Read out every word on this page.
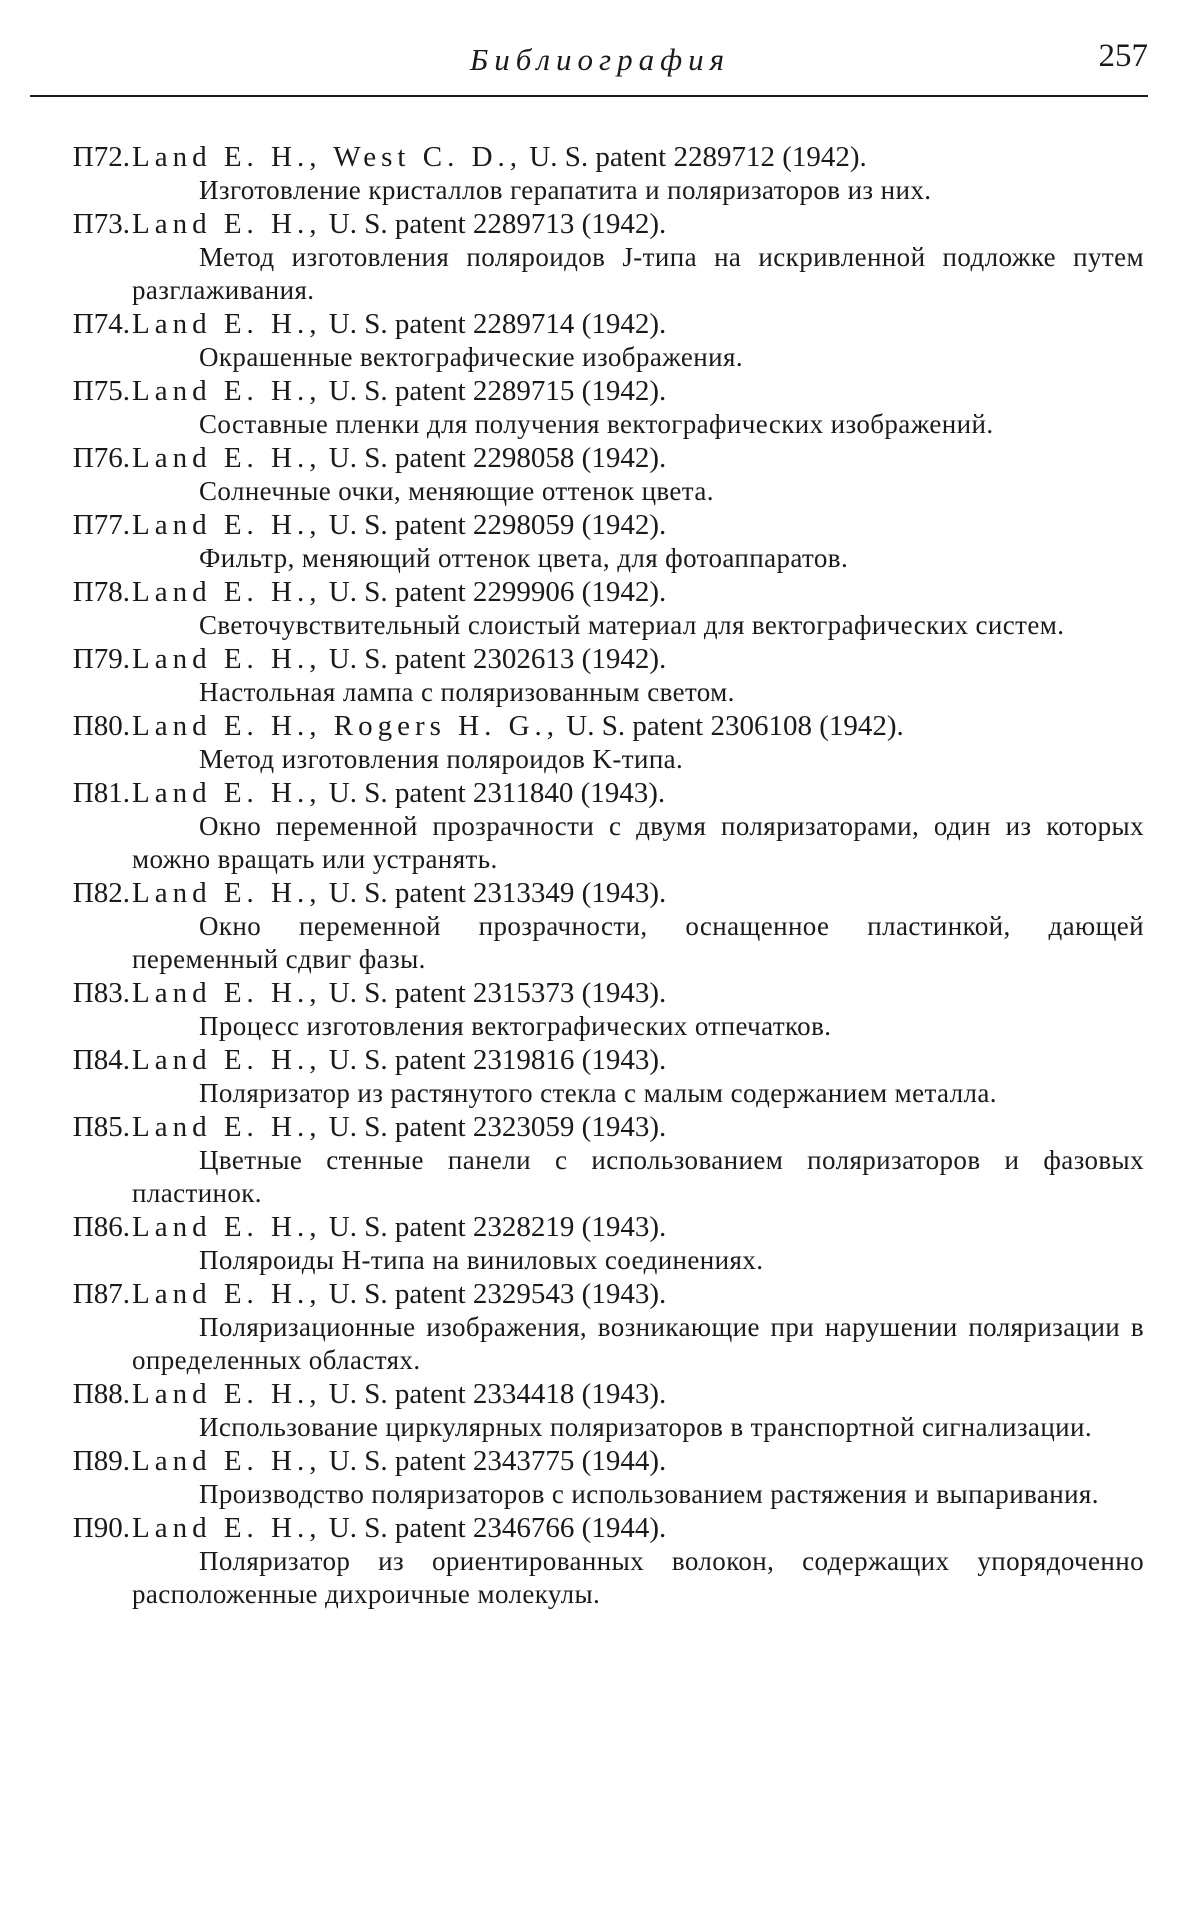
Библиография	257
П72. Land E. H., West C. D., U. S. patent 2289712 (1942).

Изготовление кристаллов герапатита и поляризаторов из них.

П73. Land E. H., U. S. patent 2289713 (1942).

Метод изготовления поляроидов J-типа на искривленной подложке путем разглаживания.

П74. Land E. H., U. S. patent 2289714 (1942).

Окрашенные вектографические изображения.

П75. Land E. H., U. S. patent 2289715 (1942).

Составные пленки для получения вектографических изображений.

П76. Land E. H., U. S. patent 2298058 (1942).

Солнечные очки, меняющие оттенок цвета.

П77. Land E. H., U. S. patent 2298059 (1942).

Фильтр, меняющий оттенок цвета, для фотоаппаратов.

П78. Land E. H., U. S. patent 2299906 (1942).

Светочувствительный слоистый материал для вектографических систем.

П79. Land E. H., U. S. patent 2302613 (1942).

Настольная лампа с поляризованным светом.

П80. Land E. H., Rogers H. G., U. S. patent 2306108 (1942).

Метод изготовления поляроидов K-типа.

П81. Land E. H., U. S. patent 2311840 (1943).

Окно переменной прозрачности с двумя поляризаторами, один из которых можно вращать или устранять.

П82. Land E. H., U. S. patent 2313349 (1943).

Окно переменной прозрачности, оснащенное пластинкой, дающей переменный сдвиг фазы.

П83. Land E. H., U. S. patent 2315373 (1943).

Процесс изготовления вектографических отпечатков.

П84. Land E. H., U. S. patent 2319816 (1943).

Поляризатор из растянутого стекла с малым содержанием металла.

П85. Land E. H., U. S. patent 2323059 (1943).

Цветные стенные панели с использованием поляризаторов и фазовых пластинок.

П86. Land E. H., U. S. patent 2328219 (1943).

Поляроиды H-типа на виниловых соединениях.

П87. Land E. H., U. S. patent 2329543 (1943).

Поляризационные изображения, возникающие при нарушении поляризации в определенных областях.

П88. Land E. H., U. S. patent 2334418 (1943).

Использование циркулярных поляризаторов в транспортной сигнализации.

П89. Land E. H., U. S. patent 2343775 (1944).

Производство поляризаторов с использованием растяжения и выпаривания.

П90. Land E. H., U. S. patent 2346766 (1944).

Поляризатор из ориентированных волокон, содержащих упорядоченно расположенные дихроичные молекулы.
